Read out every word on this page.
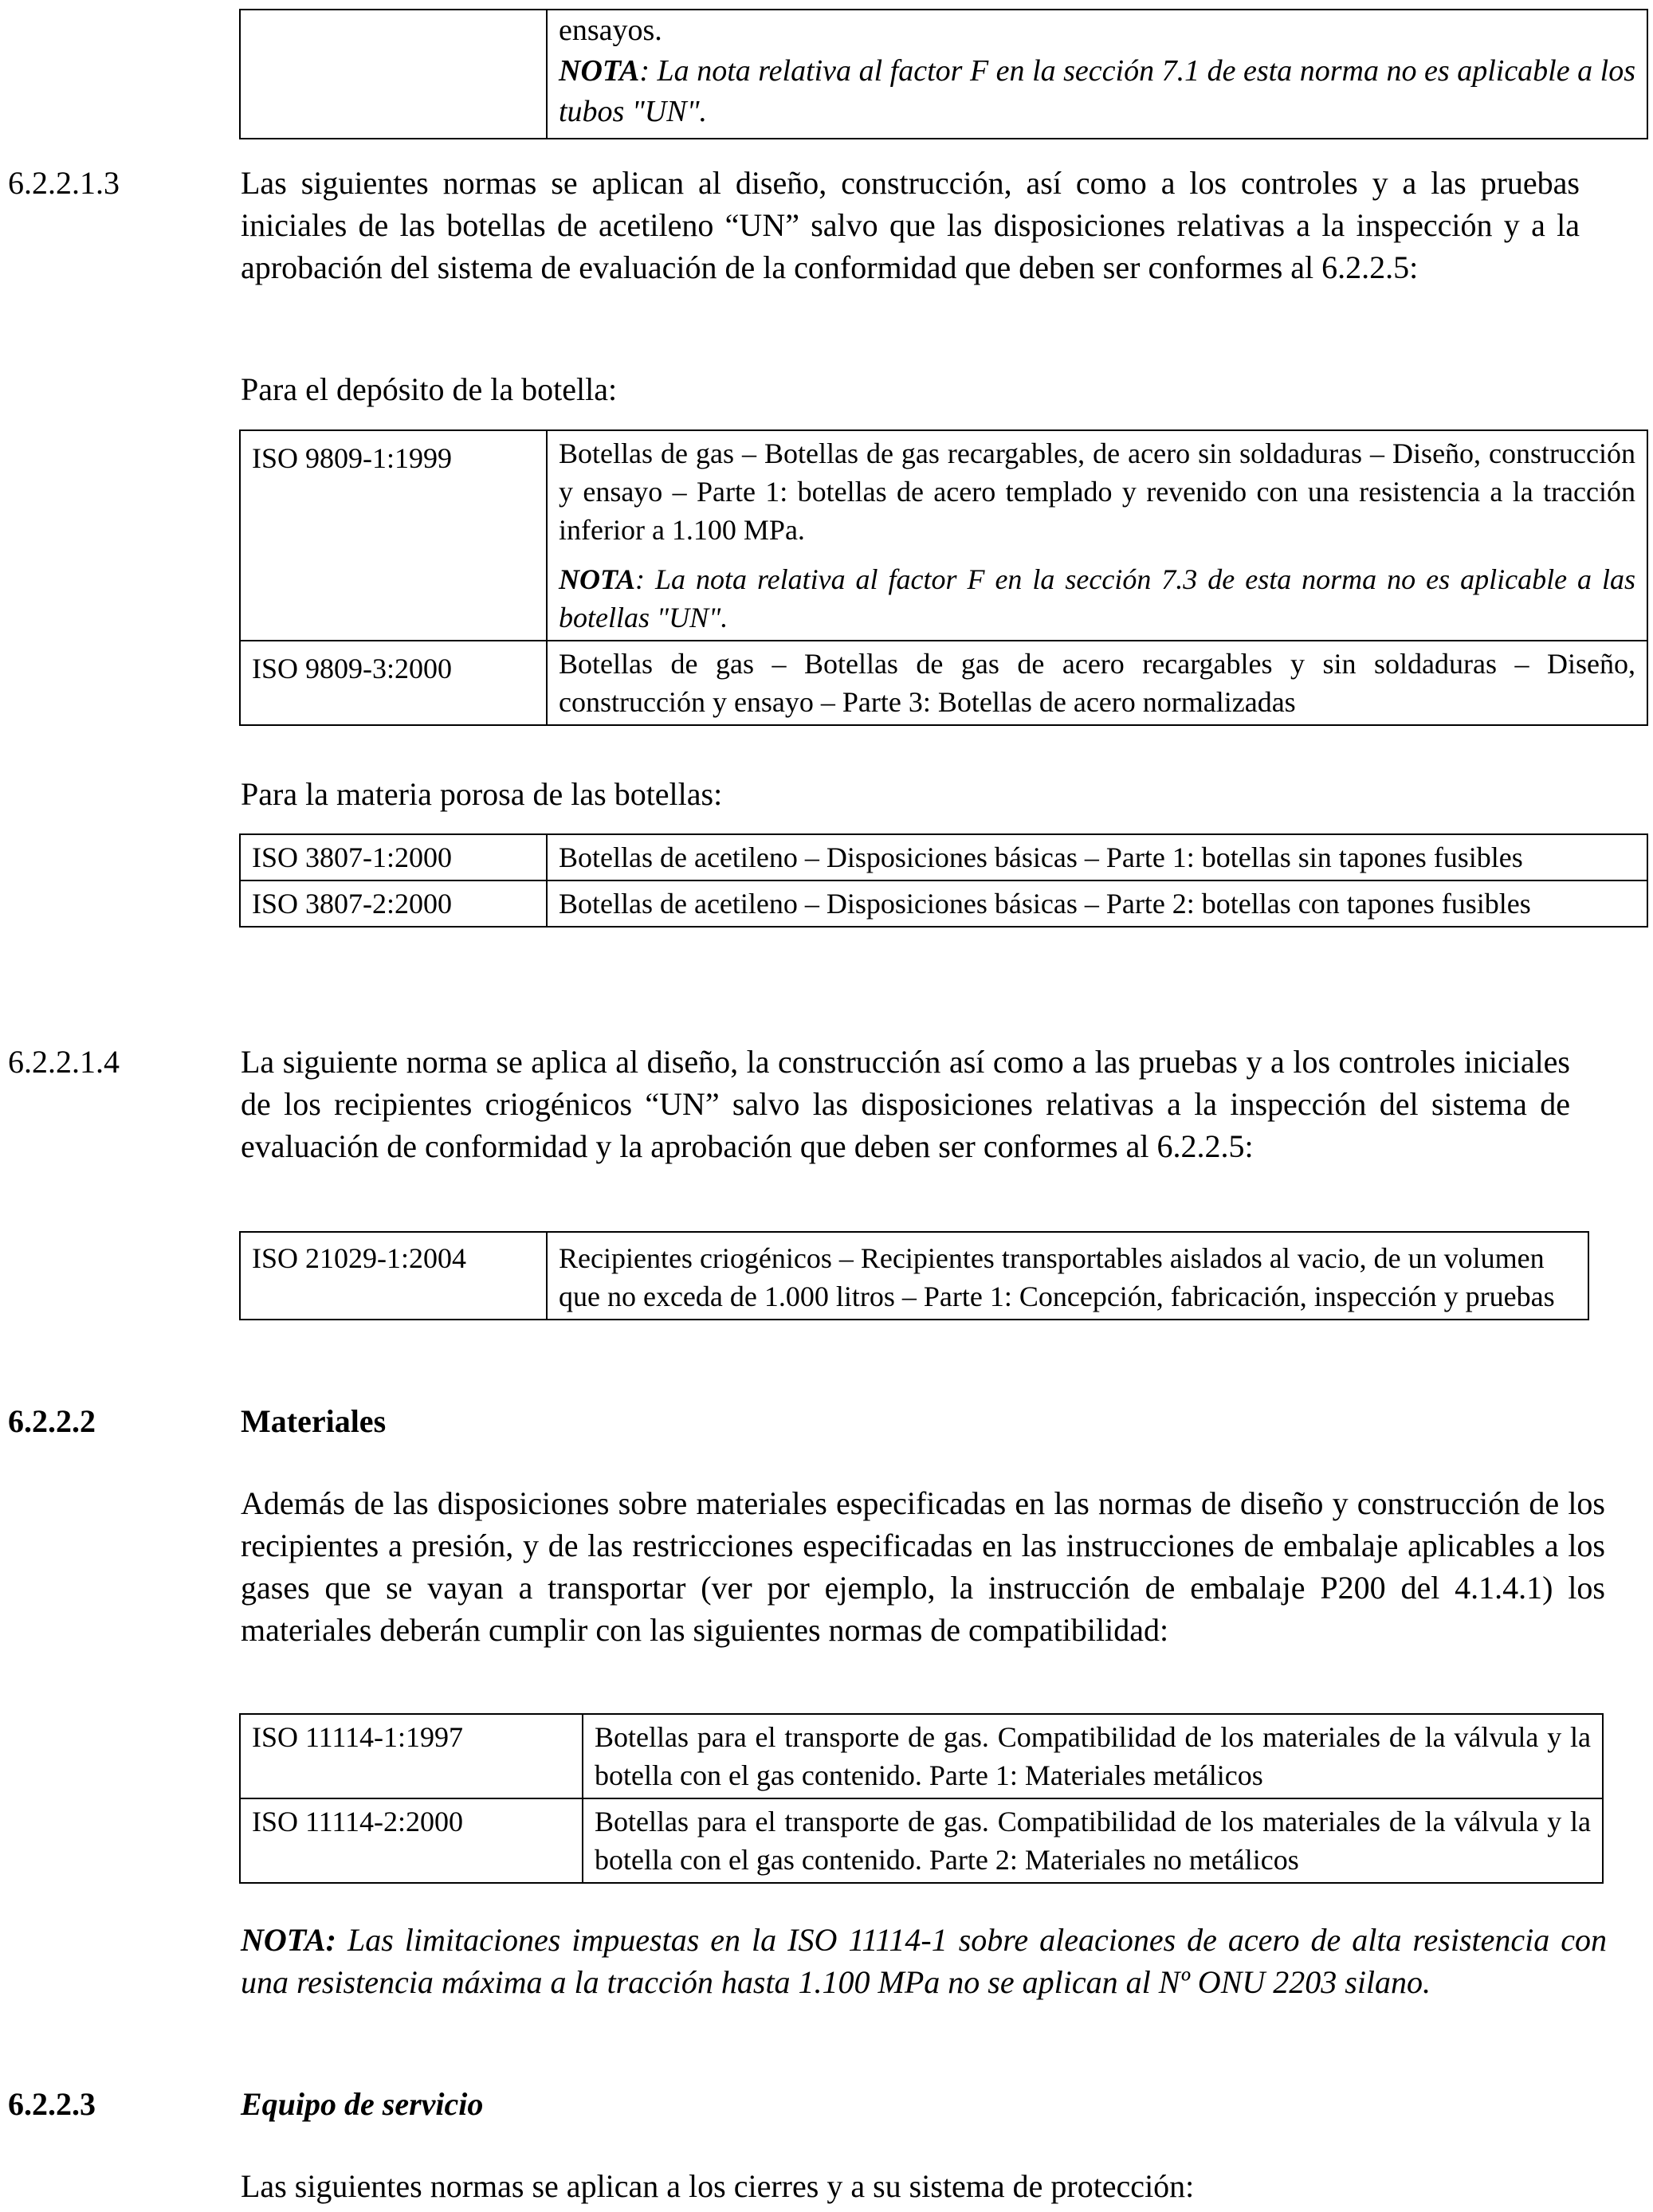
ensayos.

NOTA: La nota relativa al factor F en la sección 7.1 de esta norma no es aplicable a los tubos "UN".

6.2.2.1.3	Las siguientes normas se aplican al diseño, construcción, así como a los controles y a las pruebas iniciales de las botellas de acetileno “UN” salvo que las disposiciones relativas a la inspección y a la aprobación del sistema de evaluación de la conformidad que deben ser conformes al 6.2.2.5:
Para el depósito de la botella:
ISO 9809-1:1999	Botellas de gas – Botellas de gas recargables, de acero sin soldaduras – Diseño, construcción y ensayo – Parte 1: botellas de acero templado y revenido con una resistencia a la tracción inferior a 1.100 MPa.

NOTA: La nota relativa al factor F en la sección 7.3 de esta norma no es aplicable a las botellas "UN".

ISO 9809-3:2000	Botellas de gas – Botellas de gas de acero recargables y sin soldaduras – Diseño, construcción y ensayo – Parte 3: Botellas de acero normalizadas
Para la materia porosa de las botellas:
ISO 3807-1:2000	Botellas de acetileno – Disposiciones básicas – Parte 1: botellas sin tapones fusibles
ISO 3807-2:2000	Botellas de acetileno – Disposiciones básicas – Parte 2: botellas con tapones fusibles
6.2.2.1.4	La siguiente norma se aplica al diseño, la construcción así como a las pruebas y a los controles iniciales de los recipientes criogénicos “UN” salvo las disposiciones relativas a la inspección del sistema de evaluación de conformidad y la aprobación que deben ser conformes al 6.2.2.5:
ISO 21029-1:2004	Recipientes criogénicos – Recipientes transportables aislados al vacio, de un volumen que no exceda de 1.000 litros – Parte 1: Concepción, fabricación, inspección y pruebas
6.2.2.2	Materiales
Además de las disposiciones sobre materiales especificadas en las normas de diseño y construcción de los recipientes a presión, y de las restricciones especificadas en las instrucciones de embalaje aplicables a los gases que se vayan a transportar (ver por ejemplo, la instrucción de embalaje P200 del 4.1.4.1) los materiales deberán cumplir con las siguientes normas de compatibilidad:
ISO 11114-1:1997	Botellas para el transporte de gas. Compatibilidad de los materiales de la válvula y la botella con el gas contenido. Parte 1: Materiales metálicos
ISO 11114-2:2000	Botellas para el transporte de gas. Compatibilidad de los materiales de la válvula y la botella con el gas contenido. Parte 2: Materiales no metálicos
NOTA: Las limitaciones impuestas en la ISO 11114-1 sobre aleaciones de acero de alta resistencia con una resistencia máxima a la tracción hasta 1.100 MPa no se aplican al Nº ONU 2203 silano.
6.2.2.3	Equipo de servicio
Las siguientes normas se aplican a los cierres y a su sistema de protección:
